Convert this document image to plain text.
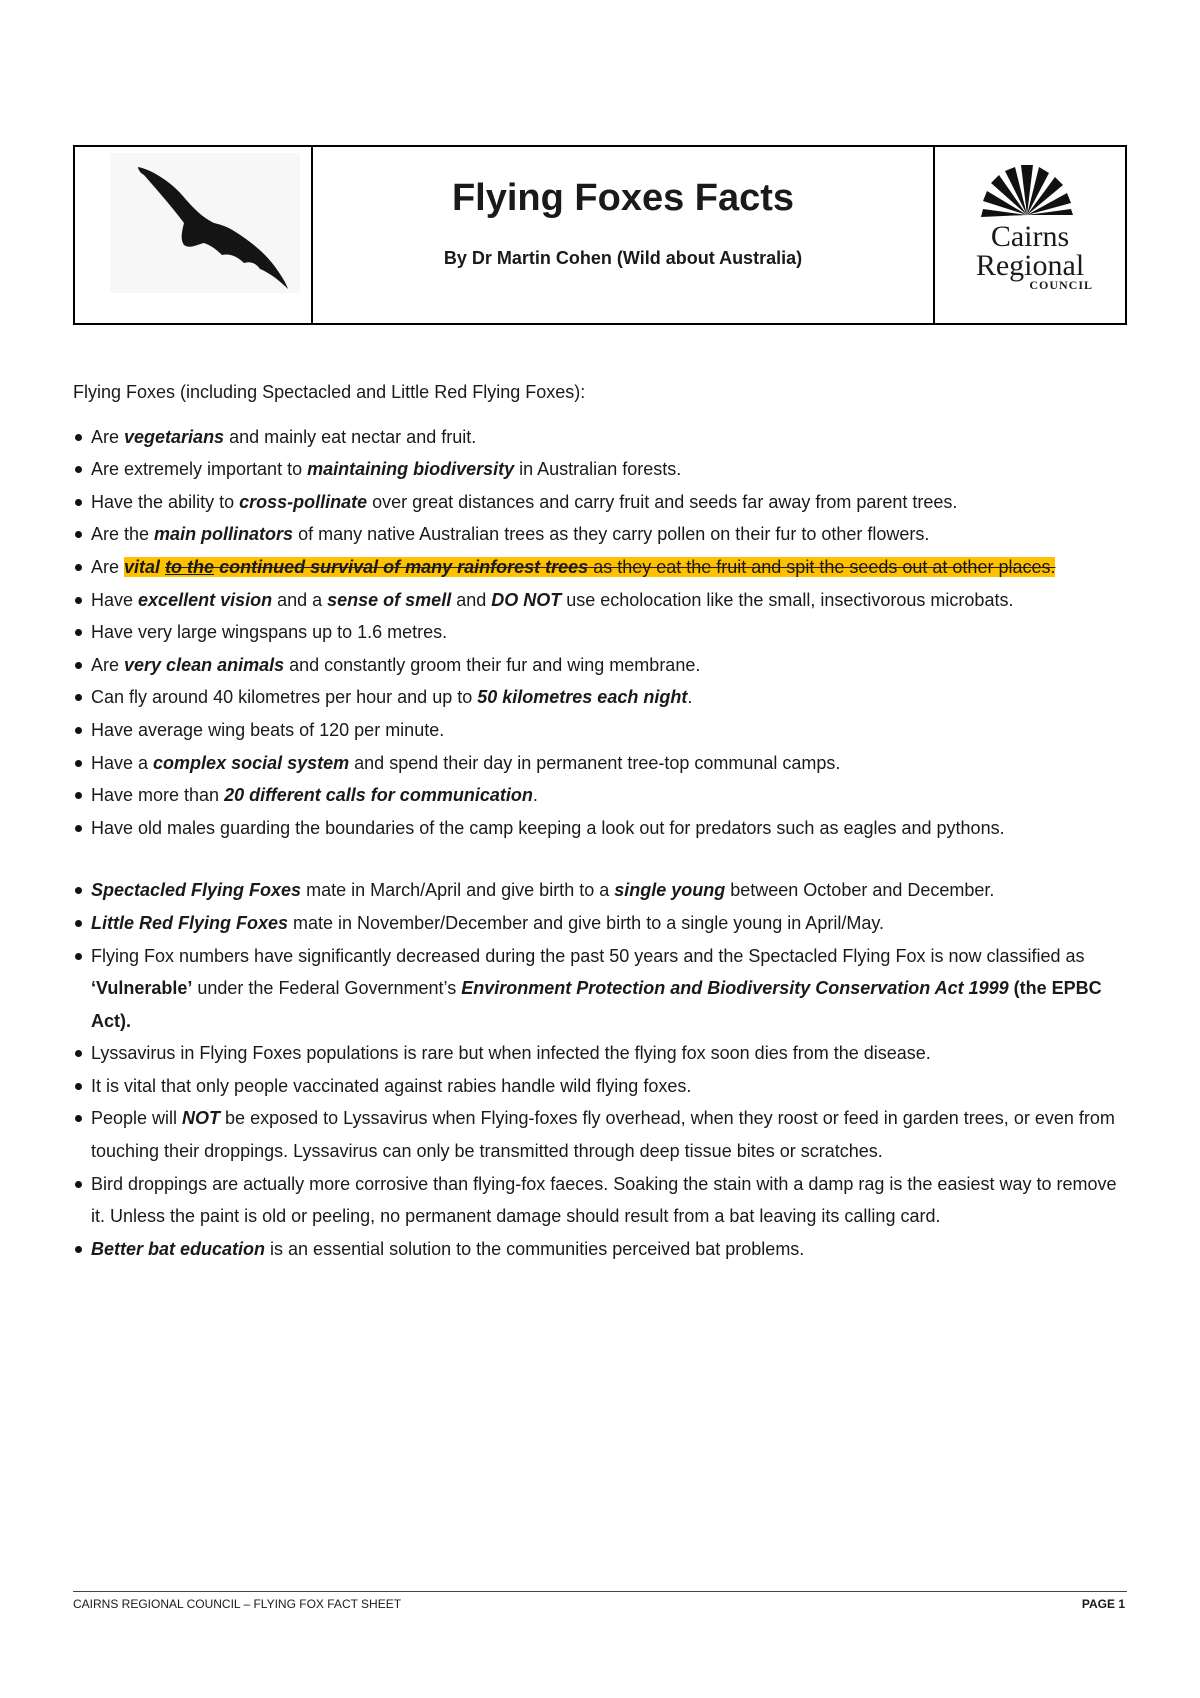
Flying Foxes Facts
By Dr Martin Cohen (Wild about Australia)
Cairns
Regional
COUNCIL

Flying Foxes (including Spectacled and Little Red Flying Foxes):

Are vegetarians and mainly eat nectar and fruit.
Are extremely important to maintaining biodiversity in Australian forests.
Have the ability to cross-pollinate over great distances and carry fruit and seeds far away from parent trees.
Are the main pollinators of many native Australian trees as they carry pollen on their fur to other flowers.
Are vital to the continued survival of many rainforest trees as they eat the fruit and spit the seeds out at other places.
Have excellent vision and a sense of smell and DO NOT use echolocation like the small, insectivorous microbats.
Have very large wingspans up to 1.6 metres.
Are very clean animals and constantly groom their fur and wing membrane.
Can fly around 40 kilometres per hour and up to 50 kilometres each night.
Have average wing beats of 120 per minute.
Have a complex social system and spend their day in permanent tree-top communal camps.
Have more than 20 different calls for communication.
Have old males guarding the boundaries of the camp keeping a look out for predators such as eagles and pythons.
Spectacled Flying Foxes mate in March/April and give birth to a single young between October and December.
Little Red Flying Foxes mate in November/December and give birth to a single young in April/May.
Flying Fox numbers have significantly decreased during the past 50 years and the Spectacled Flying Fox is now classified as ‘Vulnerable’ under the Federal Government’s Environment Protection and Biodiversity Conservation Act 1999 (the EPBC Act).
Lyssavirus in Flying Foxes populations is rare but when infected the flying fox soon dies from the disease.
It is vital that only people vaccinated against rabies handle wild flying foxes.
People will NOT be exposed to Lyssavirus when Flying-foxes fly overhead, when they roost or feed in garden trees, or even from touching their droppings. Lyssavirus can only be transmitted through deep tissue bites or scratches.
Bird droppings are actually more corrosive than flying-fox faeces. Soaking the stain with a damp rag is the easiest way to remove it. Unless the paint is old or peeling, no permanent damage should result from a bat leaving its calling card.
Better bat education is an essential solution to the communities perceived bat problems.
CAIRNS REGIONAL COUNCIL – FLYING FOX FACT SHEET	PAGE 1
